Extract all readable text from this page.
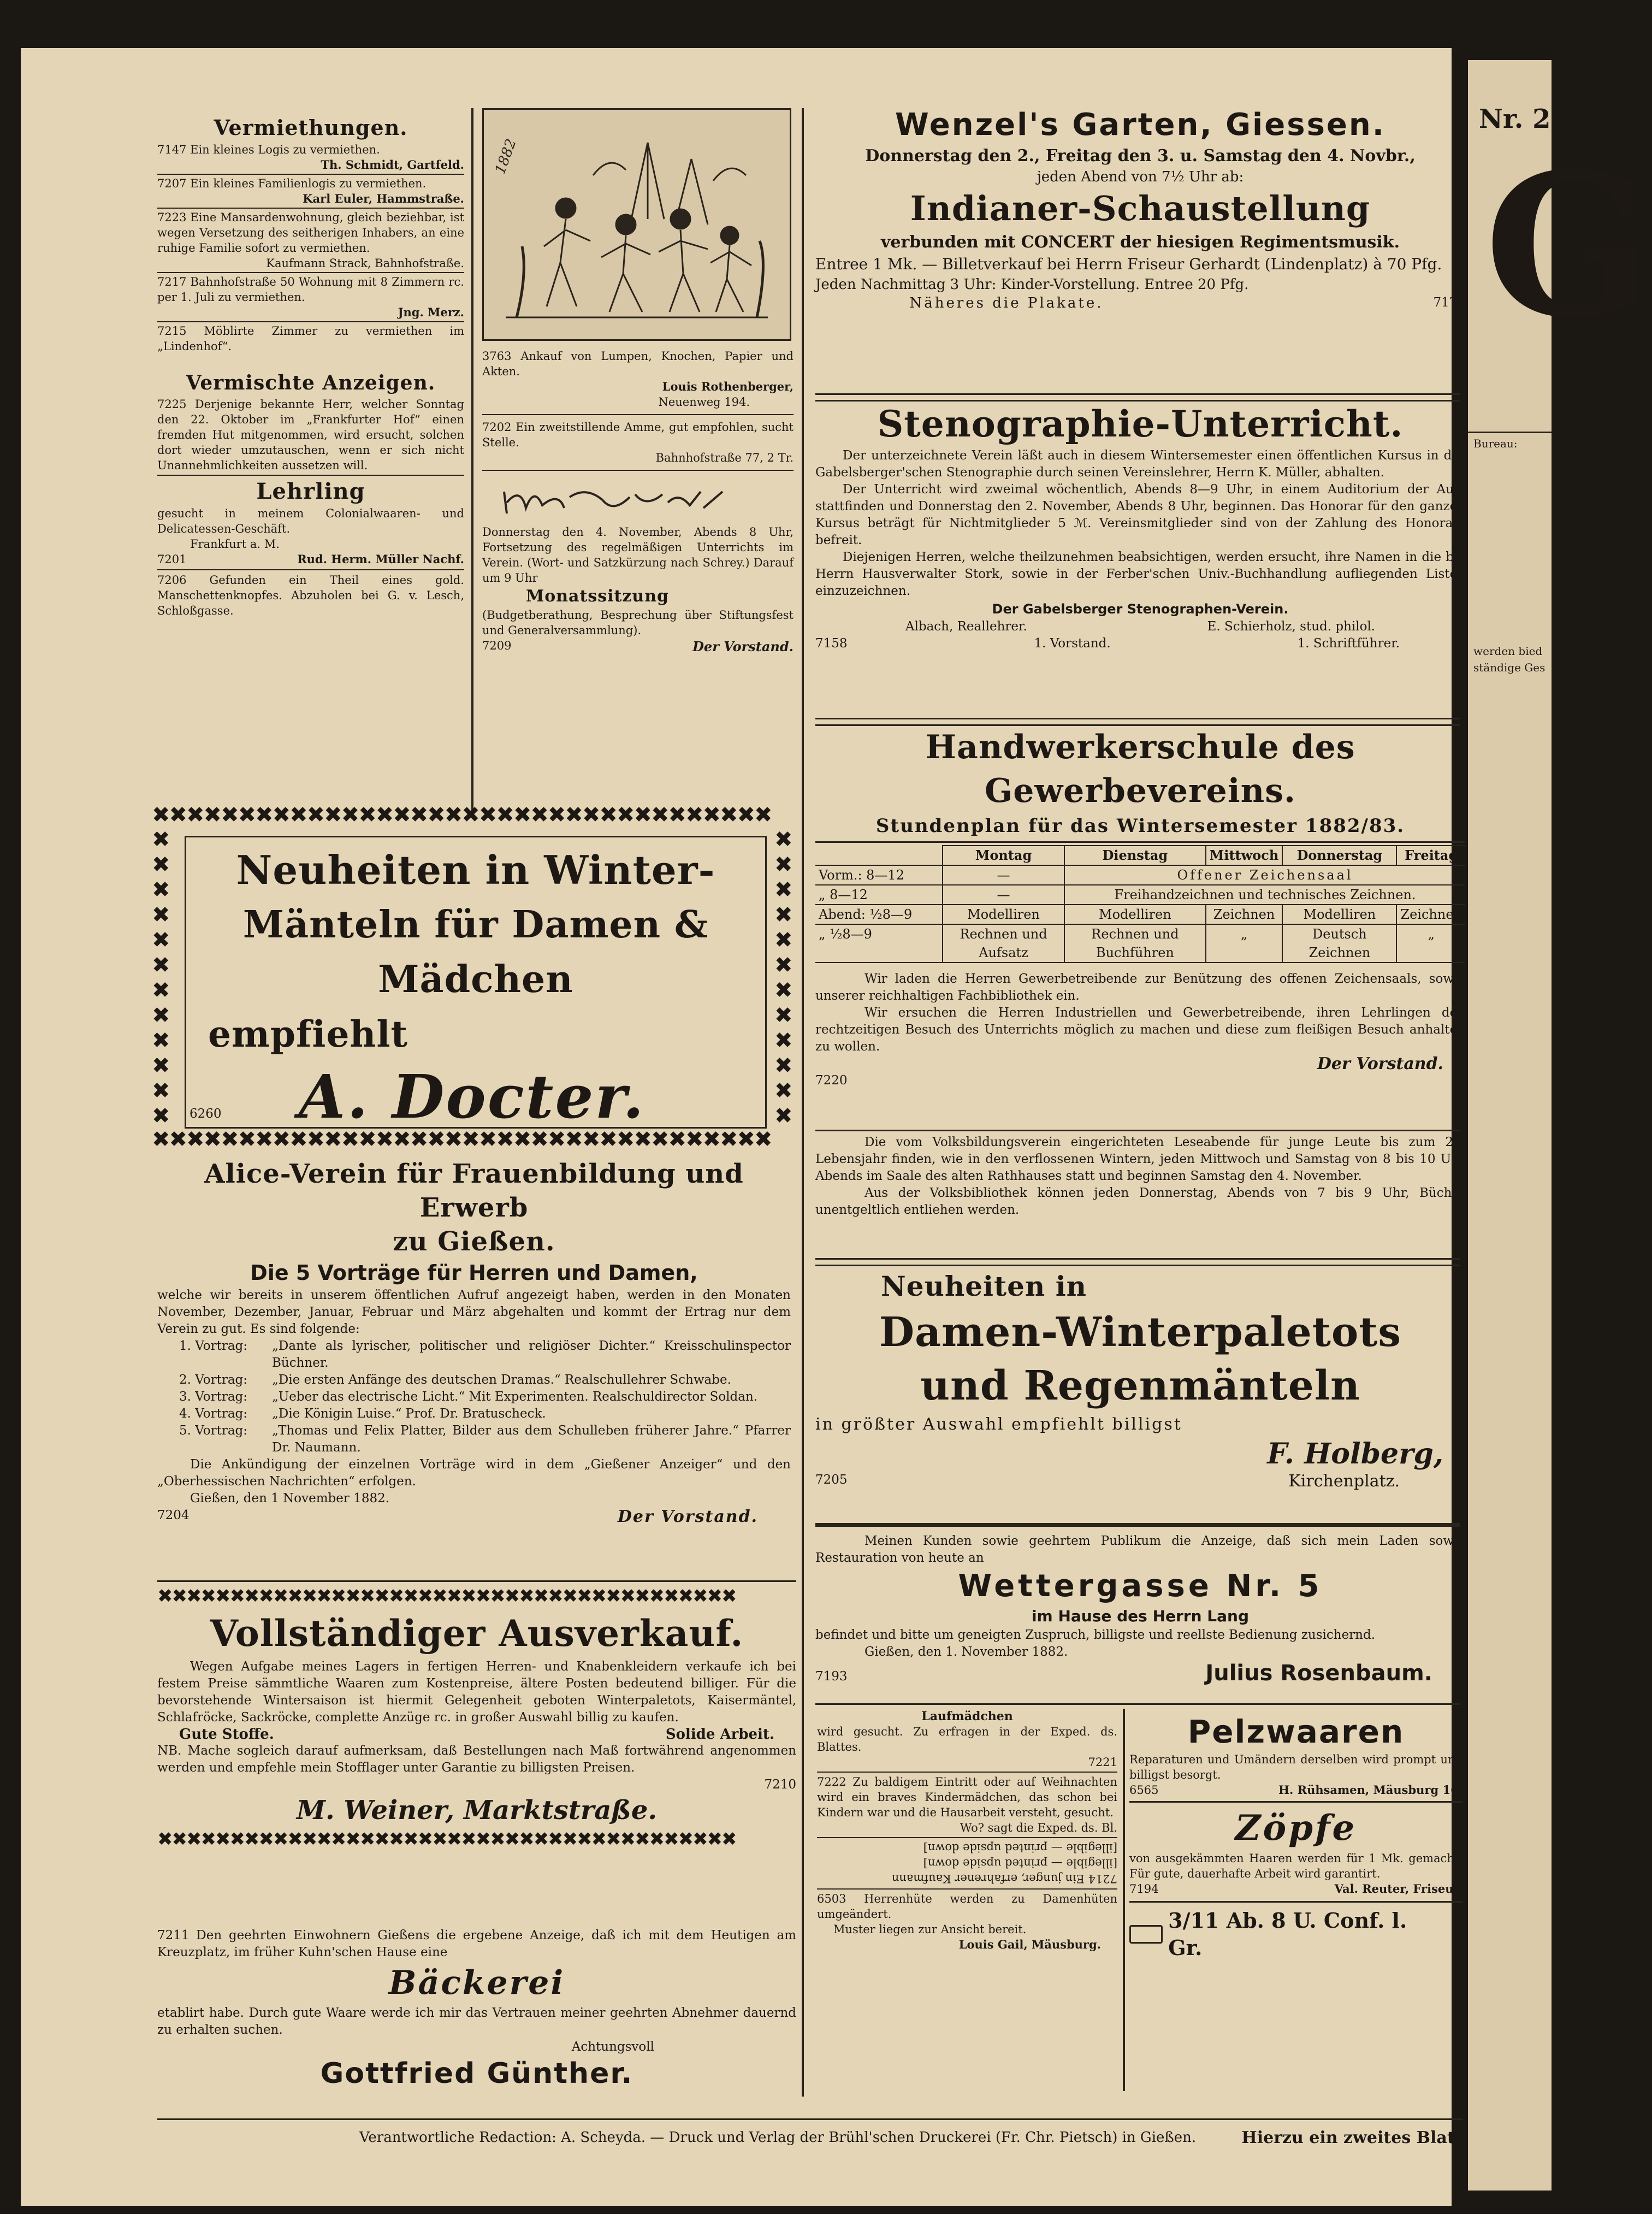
Vermiethungen.

7147 Ein kleines Logis zu vermiethen.

Th. Schmidt, Gartfeld.

7207 Ein kleines Familienlogis zu vermiethen.

Karl Euler, Hammstraße.

7223 Eine Mansardenwohnung, gleich beziehbar, ist wegen Versetzung des seitherigen Inhabers, an eine ruhige Familie sofort zu vermiethen.

Kaufmann Strack, Bahnhofstraße.

7217 Bahnhofstraße 50 Wohnung mit 8 Zimmern rc. per 1. Juli zu vermiethen.

Jng. Merz.

7215 Möblirte Zimmer zu vermiethen im „Lindenhof“.

Vermischte Anzeigen.

7225 Derjenige bekannte Herr, welcher Sonntag den 22. Oktober im „Frankfurter Hof“ einen fremden Hut mitgenommen, wird ersucht, solchen dort wieder umzutauschen, wenn er sich nicht Unannehmlichkeiten aussetzen will.

Lehrling

gesucht in meinem Colonialwaaren- und Delicatessen-Geschäft.

Frankfurt a. M.

7201	Rud. Herm. Müller Nachf.

7206 Gefunden ein Theil eines gold. Manschettenknopfes. Abzuholen bei G. v. Lesch, Schloßgasse.

1882

3763 Ankauf von Lumpen, Knochen, Papier und Akten.

Louis Rothenberger,

Neuenweg 194.

7202 Ein zweitstillende Amme, gut empfohlen, sucht Stelle.

Bahnhofstraße 77, 2 Tr.

Donnerstag den 4. November, Abends 8 Uhr, Fortsetzung des regelmäßigen Unterrichts im Verein. (Wort- und Satzkürzung nach Schrey.) Darauf um 9 Uhr

Monatssitzung

(Budgetberathung, Besprechung über Stiftungsfest und Generalversammlung).

7209	Der Vorstand.
✖✖✖✖✖✖✖✖✖✖✖✖✖✖✖✖✖✖✖✖✖✖✖✖✖✖✖✖✖✖✖✖✖✖✖✖
✖✖✖✖✖✖✖✖✖✖✖✖✖✖✖✖✖✖✖✖✖✖✖✖✖✖✖✖✖✖✖✖✖✖✖✖
✖
✖
✖
✖
✖
✖
✖
✖
✖
✖
✖
✖
✖
✖
✖
✖
✖
✖
✖
✖
✖
✖
✖
✖
Neuheiten in Winter-
Mänteln für Damen & Mädchen
empfiehlt
6260	A. Docter.
Alice-Verein für Frauenbildung und Erwerb
zu Gießen.
Die 5 Vorträge für Herren und Damen,

welche wir bereits in unserem öffentlichen Aufruf angezeigt haben, werden in den Monaten November, Dezember, Januar, Februar und März abgehalten und kommt der Ertrag nur dem Verein zu gut. Es sind folgende:

1. Vortrag:	„Dante als lyrischer, politischer und religiöser Dichter.“ Kreisschulinspector Büchner.
2. Vortrag:	„Die ersten Anfänge des deutschen Dramas.“ Realschullehrer Schwabe.
3. Vortrag:	„Ueber das electrische Licht.“ Mit Experimenten. Realschuldirector Soldan.
4. Vortrag:	„Die Königin Luise.“ Prof. Dr. Bratuscheck.
5. Vortrag:	„Thomas und Felix Platter, Bilder aus dem Schulleben früherer Jahre.“ Pfarrer Dr. Naumann.

Die Ankündigung der einzelnen Vorträge wird in dem „Gießener Anzeiger“ und den „Oberhessischen Nachrichten“ erfolgen.

Gießen, den 1 November 1882.

7204	Der Vorstand.
✖✖✖✖✖✖✖✖✖✖✖✖✖✖✖✖✖✖✖✖✖✖✖✖✖✖✖✖✖✖✖✖✖✖✖✖✖✖✖✖
Vollständiger Ausverkauf.

Wegen Aufgabe meines Lagers in fertigen Herren- und Knabenkleidern verkaufe ich bei festem Preise sämmtliche Waaren zum Kostenpreise, ältere Posten bedeutend billiger. Für die bevorstehende Wintersaison ist hiermit Gelegenheit geboten Winterpaletots, Kaisermäntel, Schlafröcke, Sackröcke, complette Anzüge rc. in großer Auswahl billig zu kaufen.

Gute Stoffe.	Solide Arbeit.

NB. Mache sogleich darauf aufmerksam, daß Bestellungen nach Maß fortwährend angenommen werden und empfehle mein Stofflager unter Garantie zu billigsten Preisen.

7210

M. Weiner, Marktstraße.
✖✖✖✖✖✖✖✖✖✖✖✖✖✖✖✖✖✖✖✖✖✖✖✖✖✖✖✖✖✖✖✖✖✖✖✖✖✖✖✖

7211 Den geehrten Einwohnern Gießens die ergebene Anzeige, daß ich mit dem Heutigen am Kreuzplatz, im früher Kuhn'schen Hause eine

Bäckerei

etablirt habe. Durch gute Waare werde ich mir das Vertrauen meiner geehrten Abnehmer dauernd zu erhalten suchen.

Achtungsvoll

Gottfried Günther.
Wenzel's Garten, Giessen.
Donnerstag den 2., Freitag den 3. u. Samstag den 4. Novbr.,
jeden Abend von 7½ Uhr ab:
Indianer-Schaustellung
verbunden mit CONCERT der hiesigen Regimentsmusik.

Entree 1 Mk. — Billetverkauf bei Herrn Friseur Gerhardt (Lindenplatz) à 70 Pfg.

Jeden Nachmittag 3 Uhr: Kinder-Vorstellung. Entree 20 Pfg.

Näheres die Plakate.	7178
Stenographie-Unterricht.

Der unterzeichnete Verein läßt auch in diesem Wintersemester einen öffentlichen Kursus in der Gabelsberger'schen Stenographie durch seinen Vereinslehrer, Herrn K. Müller, abhalten.

Der Unterricht wird zweimal wöchentlich, Abends 8—9 Uhr, in einem Auditorium der Aula stattfinden und Donnerstag den 2. November, Abends 8 Uhr, beginnen. Das Honorar für den ganzen Kursus beträgt für Nichtmitglieder 5 ℳ. Vereinsmitglieder sind von der Zahlung des Honorars befreit.

Diejenigen Herren, welche theilzunehmen beabsichtigen, werden ersucht, ihre Namen in die bei Herrn Hausverwalter Stork, sowie in der Ferber'schen Univ.-Buchhandlung aufliegenden Listen einzuzeichnen.

Der Gabelsberger Stenographen-Verein.
Albach, Reallehrer.	E. Schierholz, stud. philol.
7158	1. Vorstand.	1. Schriftführer.
Handwerkerschule des Gewerbevereins.
Stundenplan für das Wintersemester 1882/83.
	Montag	Dienstag	Mittwoch	Donnerstag	Freitag
Vorm.: 8—12	—	Offener Zeichensaal			
„ 8—12	—	Freihandzeichnen und technisches Zeichnen.			
Abend: ½8—9	Modelliren	Modelliren	Zeichnen	Modelliren	Zeichnen
„ ½8—9	Rechnen und Aufsatz	Rechnen und Buchführen	„	Deutsch Zeichnen	„

Wir laden die Herren Gewerbetreibende zur Benützung des offenen Zeichensaals, sowie unserer reichhaltigen Fachbibliothek ein.

Wir ersuchen die Herren Industriellen und Gewerbetreibende, ihren Lehrlingen den rechtzeitigen Besuch des Unterrichts möglich zu machen und diese zum fleißigen Besuch anhalten zu wollen.

Der Vorstand.

7220

Die vom Volksbildungsverein eingerichteten Leseabende für junge Leute bis zum 20. Lebensjahr finden, wie in den verflossenen Wintern, jeden Mittwoch und Samstag von 8 bis 10 Uhr Abends im Saale des alten Rathhauses statt und beginnen Samstag den 4. November.

Aus der Volksbibliothek können jeden Donnerstag, Abends von 7 bis 9 Uhr, Bücher unentgeltlich entliehen werden.

Neuheiten in
Damen-Winterpaletots
und Regenmänteln
in größter Auswahl empfiehlt billigst
F. Holberg,
7205	Kirchenplatz.

Meinen Kunden sowie geehrtem Publikum die Anzeige, daß sich mein Laden sowie Restauration von heute an

Wettergasse Nr. 5
im Hause des Herrn Lang

befindet und bitte um geneigten Zuspruch, billigste und reellste Bedienung zusichernd.

Gießen, den 1. November 1882.

7193	Julius Rosenbaum.
Laufmädchen

wird gesucht. Zu erfragen in der Exped. ds. Blattes.

7221

7222 Zu baldigem Eintritt oder auf Weihnachten wird ein braves Kindermädchen, das schon bei Kindern war und die Hausarbeit versteht, gesucht.

Wo? sagt die Exped. ds. Bl.

7214 Ein junger, erfahrener Kaufmann

[illegible — printed upside down]

[illegible — printed upside down]

6503 Herrenhüte werden zu Damenhüten umgeändert.

Muster liegen zur Ansicht bereit.

Louis Gail, Mäusburg.

Pelzwaaren

Reparaturen und Umändern derselben wird prompt und billigst besorgt.

6565	H. Rühsamen, Mäusburg 16.
Zöpfe

von ausgekämmten Haaren werden für 1 Mk. gemacht. Für gute, dauerhafte Arbeit wird garantirt.

7194	Val. Reuter, Friseur.
3/11 Ab. 8 U. Conf. l. Gr.	7213
Verantwortliche Redaction: A. Scheyda. — Druck und Verlag der Brühl'schen Druckerei (Fr. Chr. Pietsch) in Gießen.	Hierzu ein zweites Blatt.
Nr. 2
G
Bureau:
werden bied
ständige Ges
